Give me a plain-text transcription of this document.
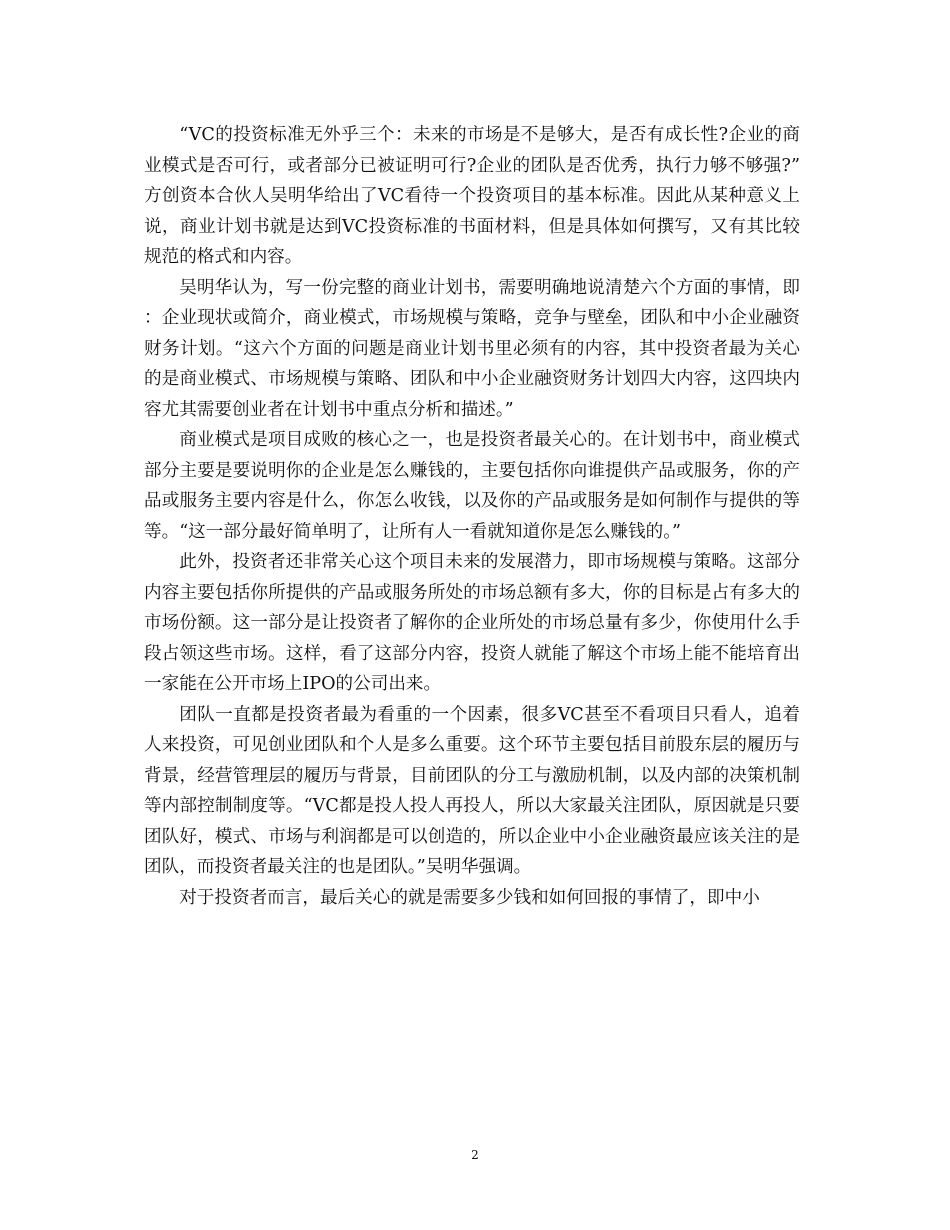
“VC的投资标准无外乎三个：未来的市场是不是够大，是否有成长性?企业的商业模式是否可行，或者部分已被证明可行?企业的团队是否优秀，执行力够不够强?”方创资本合伙人吴明华给出了VC看待一个投资项目的基本标准。因此从某种意义上说，商业计划书就是达到VC投资标准的书面材料，但是具体如何撰写，又有其比较规范的格式和内容。

吴明华认为，写一份完整的商业计划书，需要明确地说清楚六个方面的事情，即：企业现状或简介，商业模式，市场规模与策略，竞争与壁垒，团队和中小企业融资财务计划。“这六个方面的问题是商业计划书里必须有的内容，其中投资者最为关心的是商业模式、市场规模与策略、团队和中小企业融资财务计划四大内容，这四块内容尤其需要创业者在计划书中重点分析和描述。”

商业模式是项目成败的核心之一，也是投资者最关心的。在计划书中，商业模式部分主要是要说明你的企业是怎么赚钱的，主要包括你向谁提供产品或服务，你的产品或服务主要内容是什么，你怎么收钱，以及你的产品或服务是如何制作与提供的等等。“这一部分最好简单明了，让所有人一看就知道你是怎么赚钱的。”

此外，投资者还非常关心这个项目未来的发展潜力，即市场规模与策略。这部分内容主要包括你所提供的产品或服务所处的市场总额有多大，你的目标是占有多大的市场份额。这一部分是让投资者了解你的企业所处的市场总量有多少，你使用什么手段占领这些市场。这样，看了这部分内容，投资人就能了解这个市场上能不能培育出一家能在公开市场上IPO的公司出来。

团队一直都是投资者最为看重的一个因素，很多VC甚至不看项目只看人，追着人来投资，可见创业团队和个人是多么重要。这个环节主要包括目前股东层的履历与背景，经营管理层的履历与背景，目前团队的分工与激励机制，以及内部的决策机制等内部控制制度等。“VC都是投人投人再投人，所以大家最关注团队，原因就是只要团队好，模式、市场与利润都是可以创造的，所以企业中小企业融资最应该关注的是团队，而投资者最关注的也是团队。”吴明华强调。

对于投资者而言，最后关心的就是需要多少钱和如何回报的事情了，即中小

2
